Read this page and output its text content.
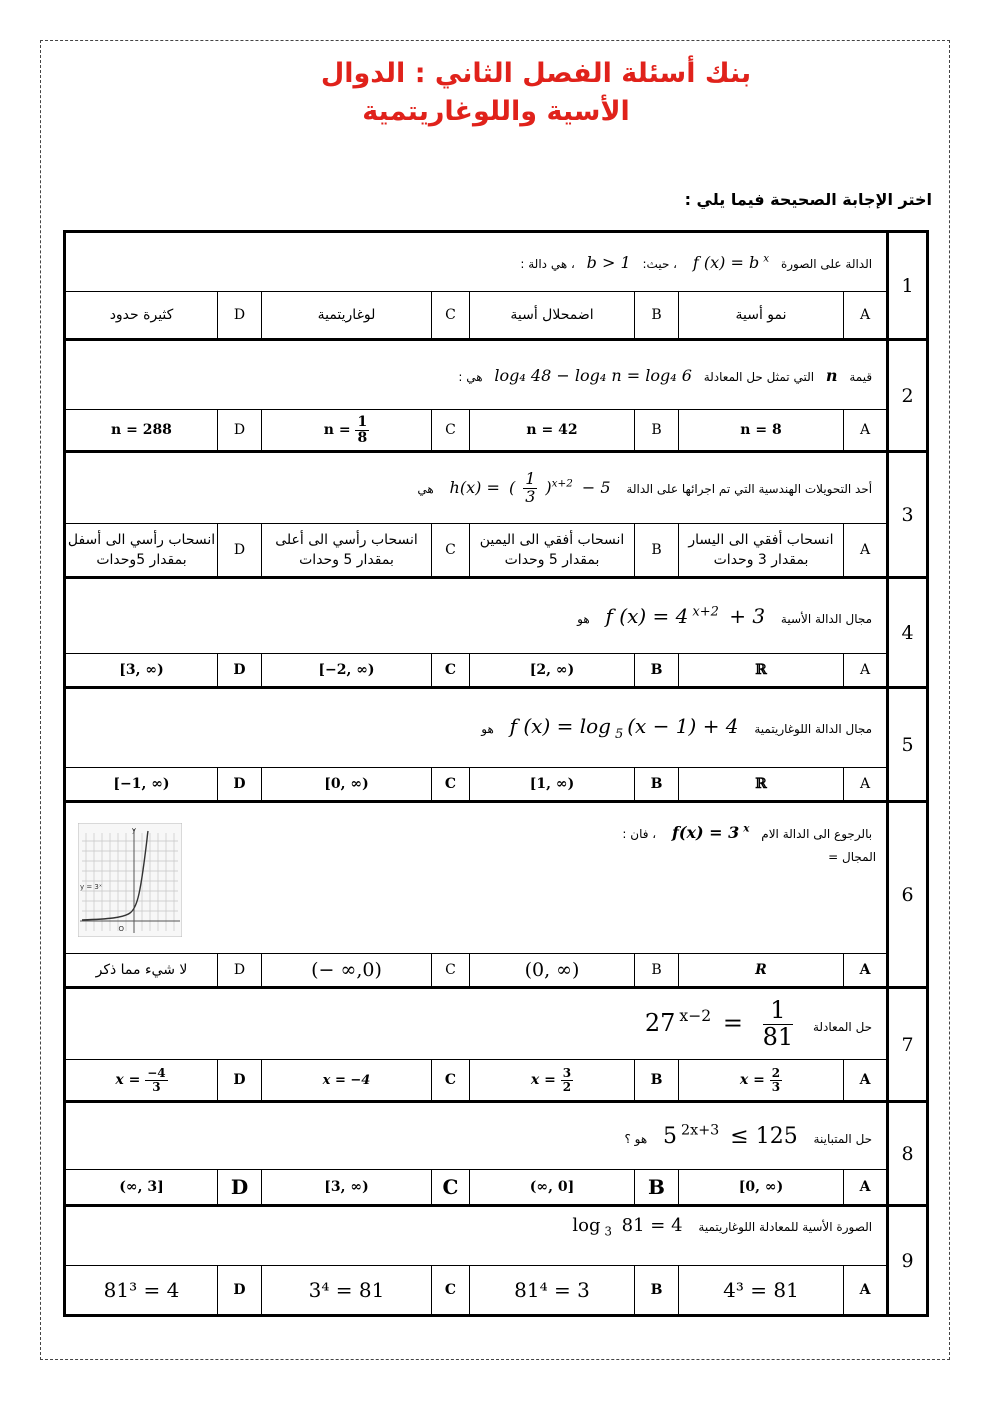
بنك أسئلة الفصل الثاني : الدوال
الأسية واللوغاريتمية
اختر الإجابة الصحيحة فيما يلي :
الدالة على الصورة f (x) = b $^x$ ، حيث: b > 1 ، هي دالة :								1
كثيرة حدود	D	لوغاريتمية	C	اضمحلال أسية	B	نمو أسية	A	
قيمة n التي تمثل حل المعادلة log₄ 48 − log₄ n = log₄ 6 هي :								2
n = 288	D	$n = \frac{1}{8}$	C	n = 42	B	n = 8	A	
أحد التحويلات الهندسية التي تم اجرائها على الدالة h(x) = ( $\frac{1}{3} )^{x+2} - 5$ هي								3
انسحاب رأسي الى أسفل بمقدار 5وحدات	D	انسحاب رأسي الى أعلى بمقدار 5 وحدات	C	انسحاب أفقي الى اليمين بمقدار 5 وحدات	B	انسحاب أفقي الى اليسار بمقدار 3 وحدات	A	
مجال الدالة الأسية f (x) = 4 $^{x+2}$ + 3 هو								4
[3, ∞)	D	[−2, ∞)	C	[2, ∞)	B	ℝ	A	
مجال الدالة اللوغاريتمية f (x) = log $_5$ (x − 1) + 4 هو								5
[−1, ∞)	D	[0, ∞)	C	[1, ∞)	B	ℝ	A	

y = 3ˣ
O
y بالرجوع الى الدالة الام f(x) = 3 $^x$ ، فان :
المجال =								6
لا شيء مما ذكر	D	(− ∞,0)	C	(0, ∞)	B	R	A	
حل المعادلة 27 $^{x-2} = \frac{1}{81}$								7
$x = \frac{-4}{3}$	D	x = −4	C	$x = \frac{3}{2}$	B	$x = \frac{2}{3}$	A	
حل المتباينة 5 $^{2x+3}$ ≤ 125 هو ؟								8
(∞, 3]	D	[3, ∞)	C	(∞, 0]	B	[0, ∞)	A	
الصورة الأسية للمعادلة اللوغاريتمية log $_3$ 81 = 4								9
81³ = 4	D	3⁴ = 81	C	81⁴ = 3	B	4³ = 81	A	
